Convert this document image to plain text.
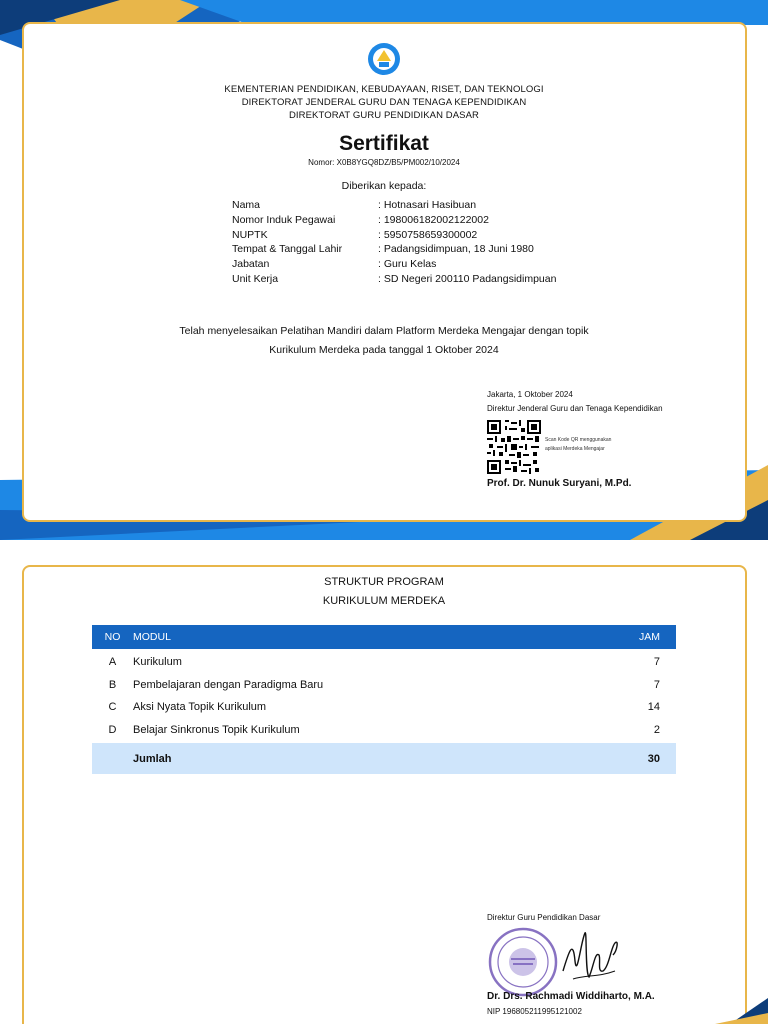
KEMENTERIAN PENDIDIKAN, KEBUDAYAAN, RISET, DAN TEKNOLOGI
DIREKTORAT JENDERAL GURU DAN TENAGA KEPENDIDIKAN
DIREKTORAT GURU PENDIDIKAN DASAR
Sertifikat
Nomor: X0B8YGQ8DZ/B5/PM002/10/2024
Diberikan kepada:
Nama	: Hotnasari Hasibuan
Nomor Induk Pegawai	: 198006182002122002
NUPTK	: 5950758659300002
Tempat & Tanggal Lahir	: Padangsidimpuan, 18 Juni 1980
Jabatan	: Guru Kelas
Unit Kerja	: SD Negeri 200110 Padangsidimpuan
Telah menyelesaikan Pelatihan Mandiri dalam Platform Merdeka Mengajar dengan topik
Kurikulum Merdeka pada tanggal 1 Oktober 2024
Jakarta, 1 Oktober 2024
Direktur Jenderal Guru dan Tenaga Kependidikan
Scan Kode QR menggunakan
aplikasi Merdeka Mengajar
Prof. Dr. Nunuk Suryani, M.Pd.
STRUKTUR PROGRAM
KURIKULUM MERDEKA
NO	MODUL	JAM
A	Kurikulum	7
B	Pembelajaran dengan Paradigma Baru	7
C	Aksi Nyata Topik Kurikulum	14
D	Belajar Sinkronus Topik Kurikulum	2
Jumlah	30
Direktur Guru Pendidikan Dasar
Dr. Drs. Rachmadi Widdiharto, M.A.
NIP 196805211995121002
